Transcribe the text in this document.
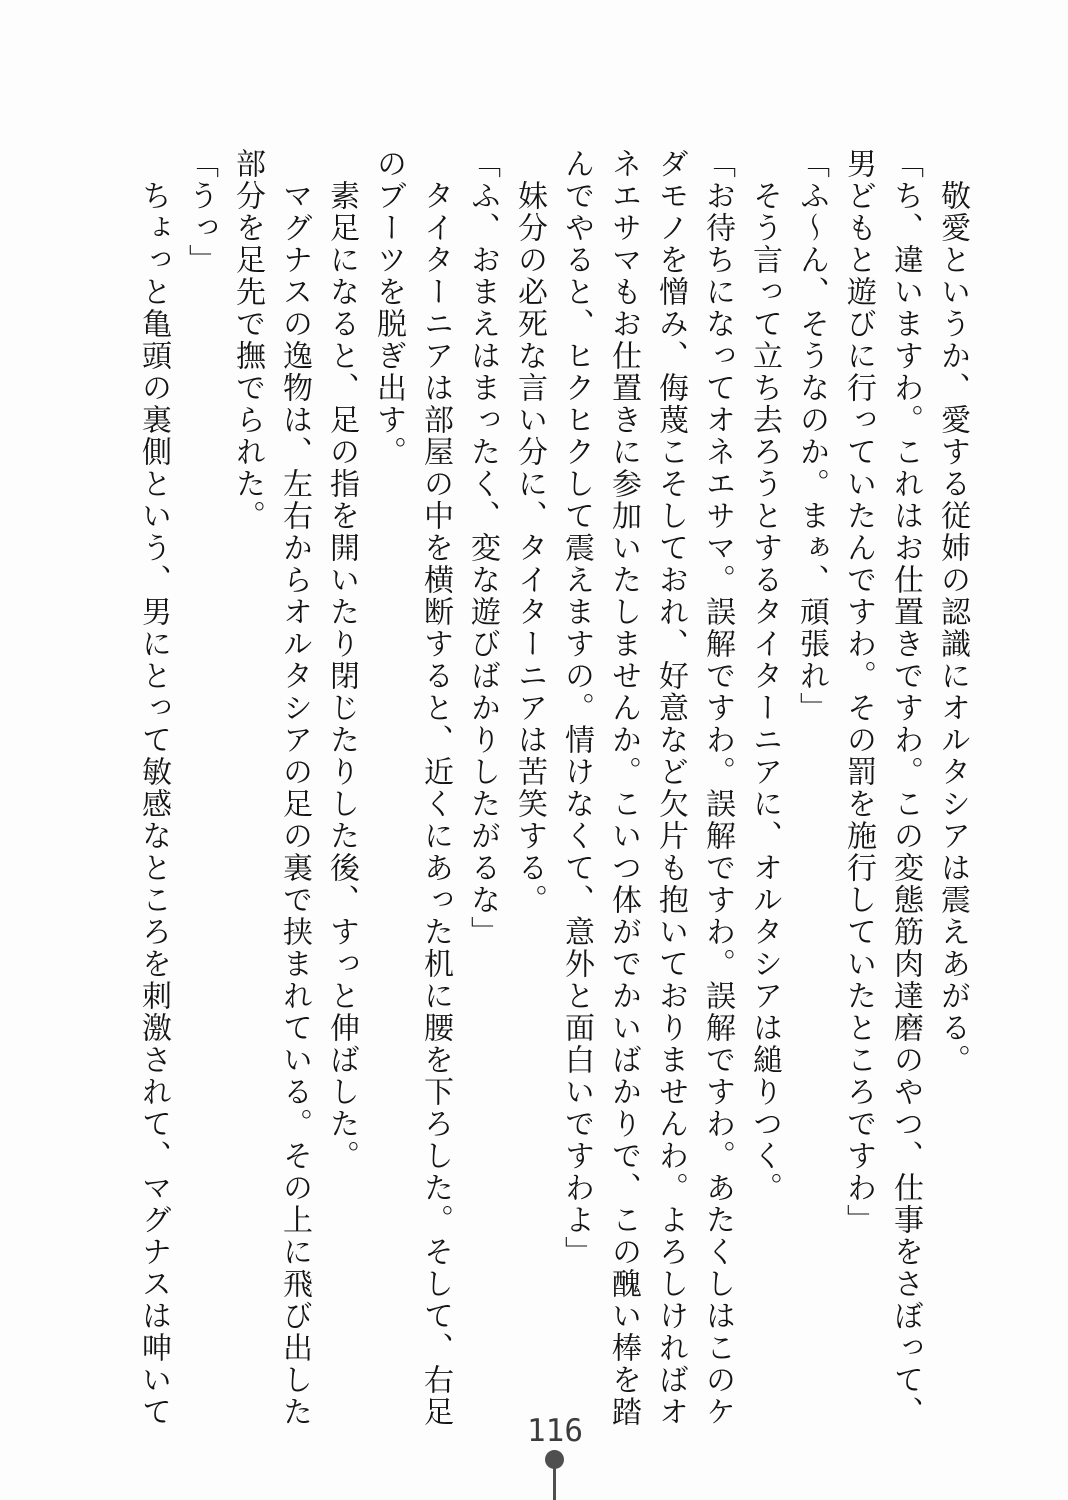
　敬愛というか、愛する従姉の認識にオルタシアは震えあがる。

「ち、違いますわ。これはお仕置きですわ。この変態筋肉達磨のやつ、仕事をさぼって、男どもと遊びに行っていたんですわ。その罰を施行していたところですわ」

「ふ〜ん、そうなのか。まぁ、頑張れ」

　そう言って立ち去ろうとするタイターニアに、オルタシアは縋りつく。

「お待ちになってオネエサマ。誤解ですわ。誤解ですわ。誤解ですわ。あたくしはこのケダモノを憎み、侮蔑こそしておれ、好意など欠片も抱いておりませんわ。よろしければオネエサマもお仕置きに参加いたしませんか。こいつ体がでかいばかりで、この醜い棒を踏んでやると、ヒクヒクして震えますの。情けなくて、意外と面白いですわよ」

　妹分の必死な言い分に、タイターニアは苦笑する。

「ふ、おまえはまったく、変な遊びばかりしたがるな」

　タイターニアは部屋の中を横断すると、近くにあった机に腰を下ろした。そして、右足のブーツを脱ぎ出す。

　素足になると、足の指を開いたり閉じたりした後、すっと伸ばした。

　マグナスの逸物は、左右からオルタシアの足の裏で挟まれている。その上に飛び出した部分を足先で撫でられた。

「うっ」

　ちょっと亀頭の裏側という、男にとって敏感なところを刺激されて、マグナスは呻いて

116
